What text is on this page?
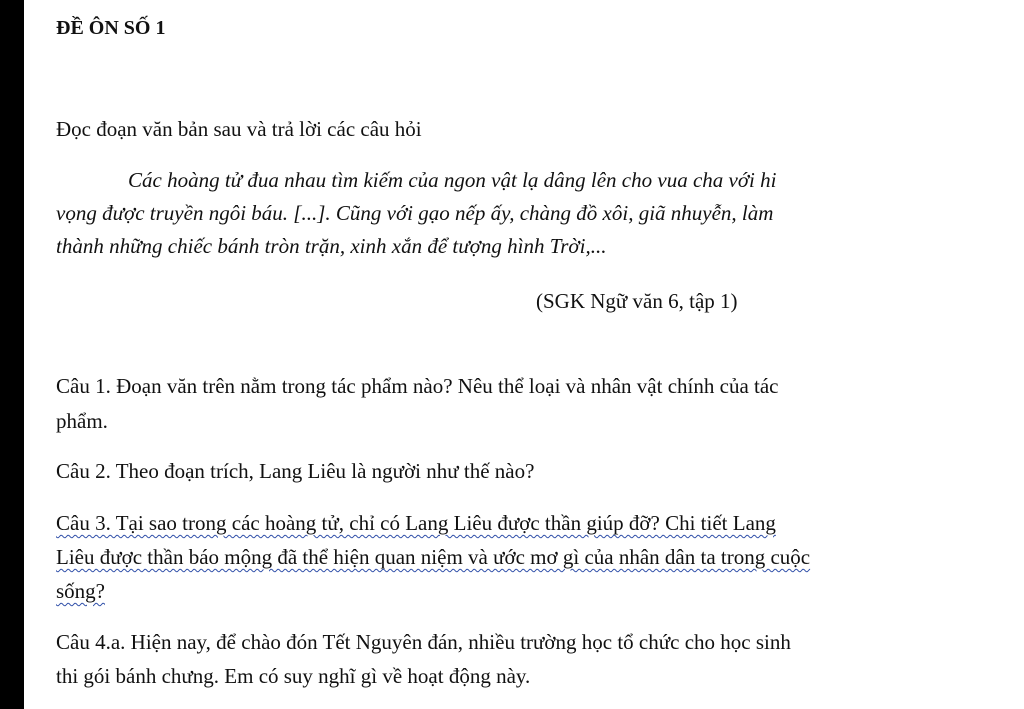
ĐỀ ÔN SỐ 1
Đọc đoạn văn bản sau và trả lời các câu hỏi
Các hoàng tử đua nhau tìm kiếm của ngon vật lạ dâng lên cho vua cha với hi
vọng được truyền ngôi báu. [...]. Cũng với gạo nếp ấy, chàng đồ xôi, giã nhuyễn, làm
thành những chiếc bánh tròn trặn, xinh xắn để tượng hình Trời,...
(SGK Ngữ văn 6, tập 1)
Câu 1. Đoạn văn trên nằm trong tác phẩm nào? Nêu thể loại và nhân vật chính của tác
phẩm.
Câu 2. Theo đoạn trích, Lang Liêu là người như thế nào?
Câu 3. Tại sao trong các hoàng tử, chỉ có Lang Liêu được thần giúp đỡ? Chi tiết Lang
Liêu được thần báo mộng đã thể hiện quan niệm và ước mơ gì của nhân dân ta trong cuộc
sống?
Câu 4.a. Hiện nay, để chào đón Tết Nguyên đán, nhiều trường học tổ chức cho học sinh
thi gói bánh chưng. Em có suy nghĩ gì về hoạt động này.
